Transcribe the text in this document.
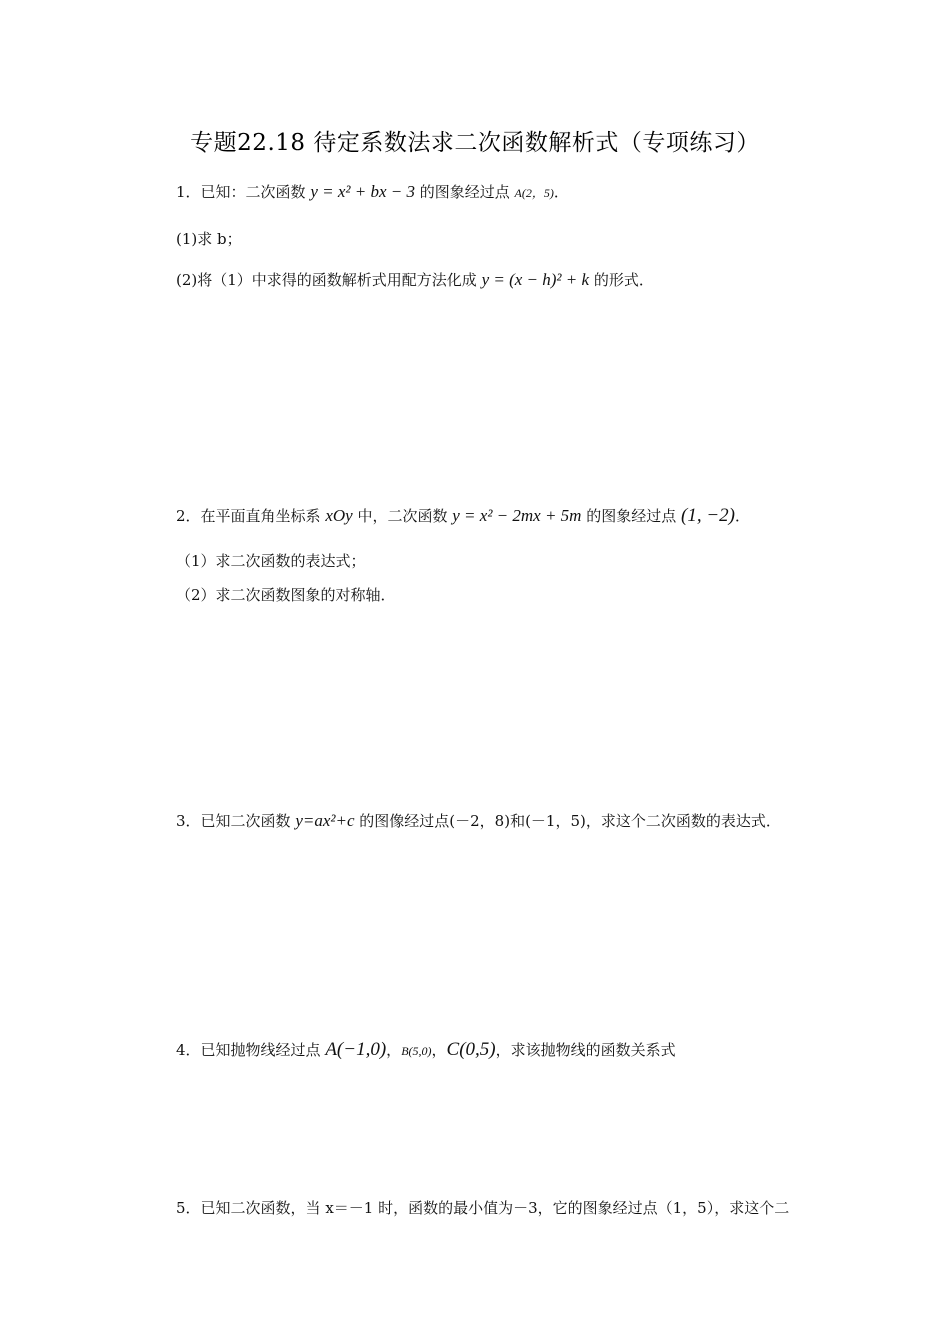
专题22.18 待定系数法求二次函数解析式（专项练习）
1．已知：二次函数 y = x² + bx − 3 的图象经过点 A(2，5)．
(1)求 b；
(2)将（1）中求得的函数解析式用配方法化成 y = (x − h)² + k 的形式．
2．在平面直角坐标系 xOy 中，二次函数 y = x² − 2mx + 5m 的图象经过点 (1, −2)．
（1）求二次函数的表达式；
（2）求二次函数图象的对称轴．
3．已知二次函数 y=ax²+c 的图像经过点(－2，8)和(－1，5)，求这个二次函数的表达式．
4．已知抛物线经过点 A(−1,0)，B(5,0)，C(0,5)，求该抛物线的函数关系式
5．已知二次函数，当 x＝－1 时，函数的最小值为－3，它的图象经过点（1，5），求这个二
